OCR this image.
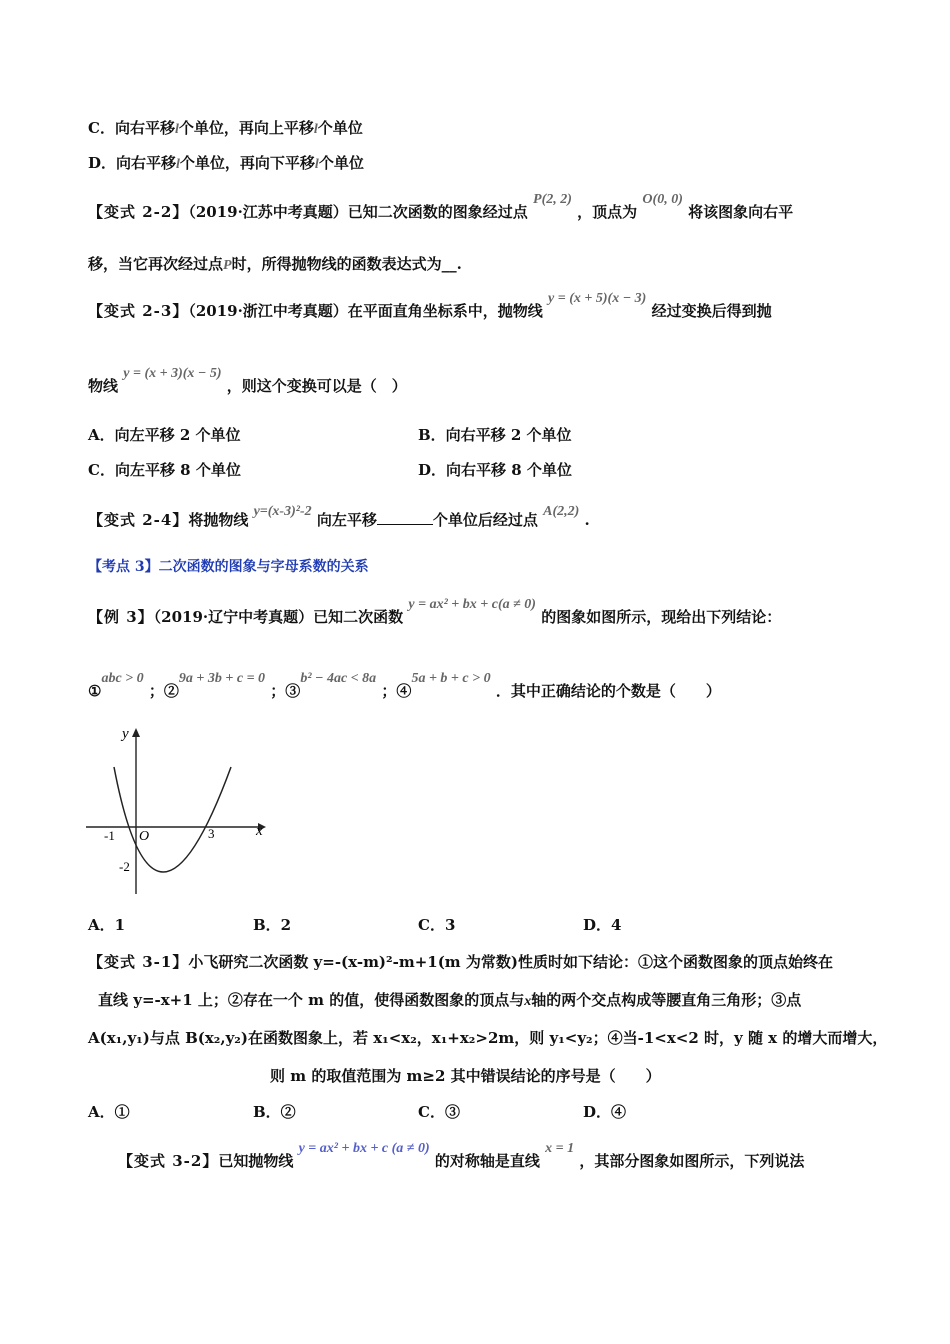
C．向右平移l个单位，再向上平移l个单位
D．向右平移l个单位，再向下平移l个单位
【变式 2-2】（2019·江苏中考真题）已知二次函数的图象经过点 P(2, 2) ，顶点为 O(0, 0) 将该图象向右平
移，当它再次经过点P时，所得抛物线的函数表达式为__.
【变式 2-3】（2019·浙江中考真题）在平面直角坐标系中，抛物线 y = (x + 5)(x − 3) 经过变换后得到抛
物线 y = (x + 3)(x − 5) ，则这个变换可以是（　）
A．向左平移 2 个单位	B．向右平移 2 个单位
C．向左平移 8 个单位	D．向右平移 8 个单位
【变式 2-4】将抛物线 y=(x-3)²-2 向左平移	个单位后经过点 A(2,2) .
【考点 3】二次函数的图象与字母系数的关系
【例 3】（2019·辽宁中考真题）已知二次函数 y = ax² + bx + c(a ≠ 0) 的图象如图所示，现给出下列结论：
①abc > 0 ；②9a + 3b + c = 0 ；③b² − 4ac < 8a ；④5a + b + c > 0 ．其中正确结论的个数是（　　）
y
x
O
-1	3
-2
A．1	B．2	C．3	D．4
【变式 3-1】小飞研究二次函数 y=-(x-m)²-m+1(m 为常数)性质时如下结论：①这个函数图象的顶点始终在
直线 y=-x+1 上；②存在一个 m 的值，使得函数图象的顶点与x轴的两个交点构成等腰直角三角形；③点
A(x₁,y₁)与点 B(x₂,y₂)在函数图象上，若 x₁<x₂，x₁+x₂>2m，则 y₁<y₂；④当-1<x<2 时，y 随 x 的增大而增大，
则 m 的取值范围为 m≥2 其中错误结论的序号是（　　）
A．①	B．②	C．③	D．④
【变式 3-2】已知抛物线 y = ax² + bx + c (a ≠ 0) 的对称轴是直线 x = 1 ，其部分图象如图所示，下列说法
